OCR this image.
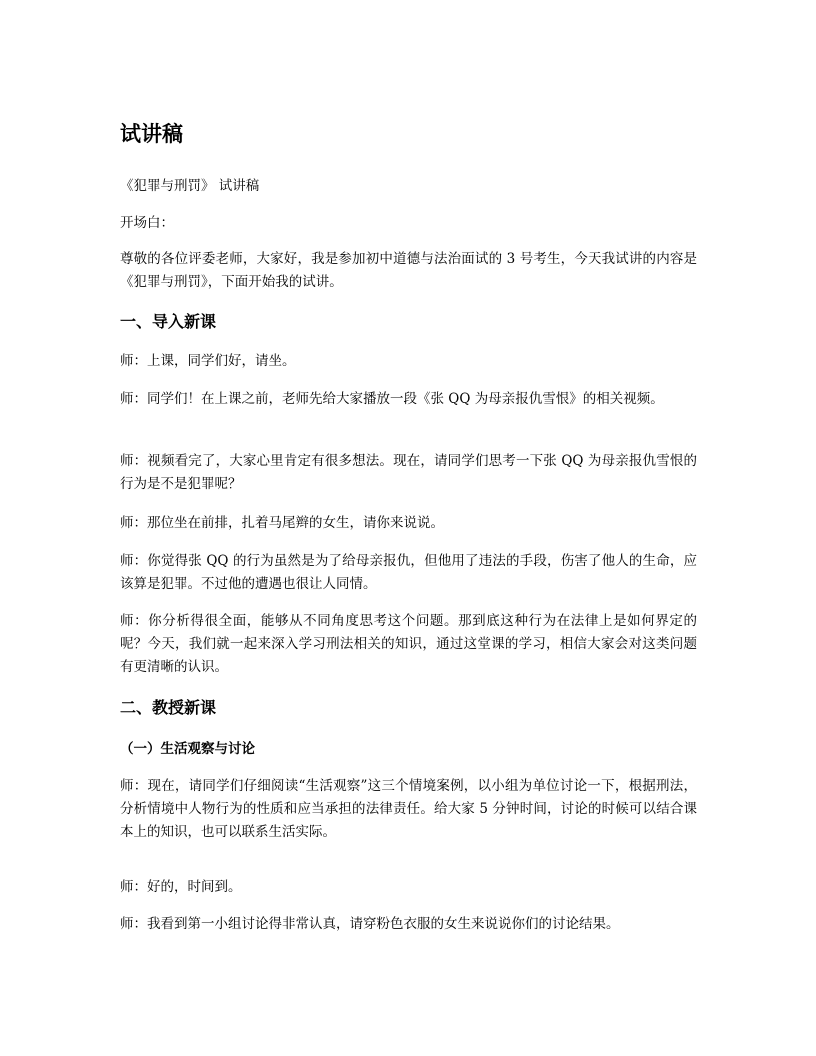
试讲稿

《犯罪与刑罚》 试讲稿

开场白：

尊敬的各位评委老师，大家好，我是参加初中道德与法治面试的 3 号考生，今天我试讲的内容是《犯罪与刑罚》，下面开始我的试讲。

一、导入新课

师：上课，同学们好，请坐。

师：同学们！在上课之前，老师先给大家播放一段《张 QQ 为母亲报仇雪恨》的相关视频。

师：视频看完了，大家心里肯定有很多想法。现在，请同学们思考一下张 QQ 为母亲报仇雪恨的行为是不是犯罪呢？

师：那位坐在前排，扎着马尾辫的女生，请你来说说。

师：你觉得张 QQ 的行为虽然是为了给母亲报仇，但他用了违法的手段，伤害了他人的生命，应该算是犯罪。不过他的遭遇也很让人同情。

师：你分析得很全面，能够从不同角度思考这个问题。那到底这种行为在法律上是如何界定的呢？今天，我们就一起来深入学习刑法相关的知识，通过这堂课的学习，相信大家会对这类问题有更清晰的认识。

二、教授新课
（一）生活观察与讨论

师：现在，请同学们仔细阅读“生活观察”这三个情境案例，以小组为单位讨论一下，根据刑法，分析情境中人物行为的性质和应当承担的法律责任。给大家 5 分钟时间，讨论的时候可以结合课本上的知识，也可以联系生活实际。

师：好的，时间到。

师：我看到第一小组讨论得非常认真，请穿粉色衣服的女生来说说你们的讨论结果。
